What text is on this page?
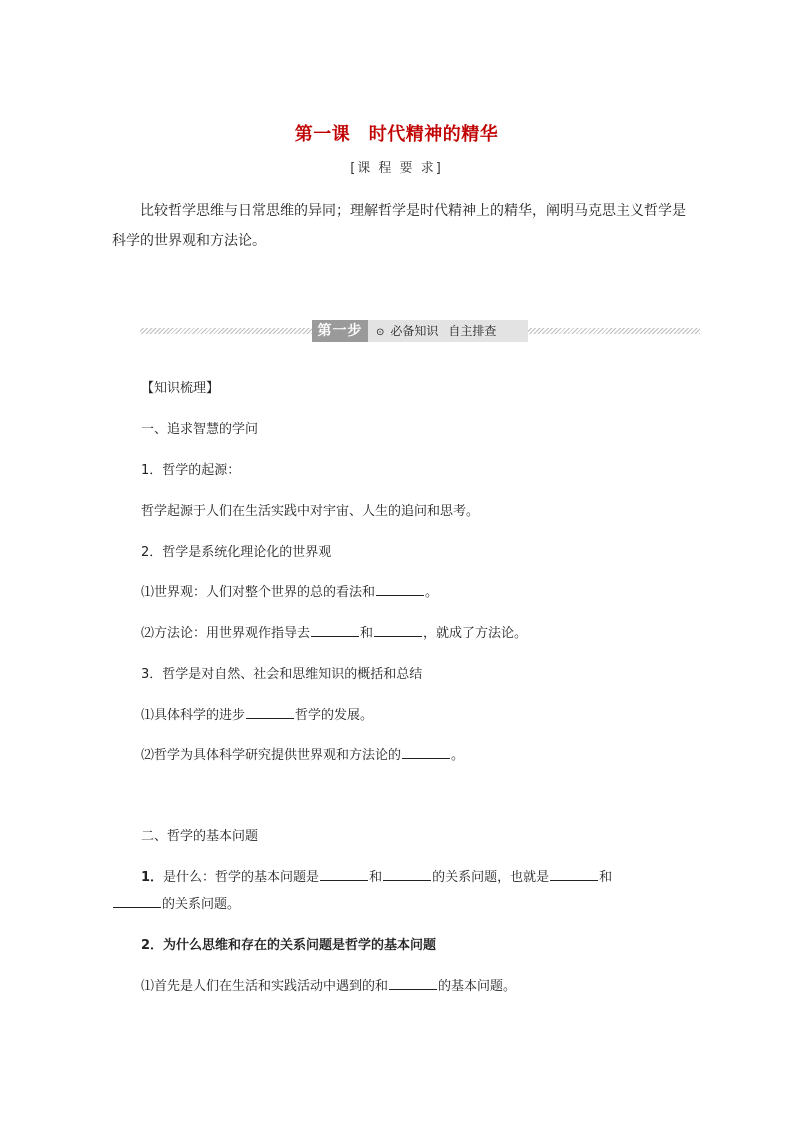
第一课　时代精神的精华
[课 程 要 求]
比较哲学思维与日常思维的异同；理解哲学是时代精神上的精华，阐明马克思主义哲学是科学的世界观和方法论。
第一步	⊙ 必备知识 自主排查
【知识梳理】
一、追求智慧的学问
1．哲学的起源：
哲学起源于人们在生活实践中对宇宙、人生的追问和思考。
2．哲学是系统化理论化的世界观
⑴世界观：人们对整个世界的总的看法和	。
⑵方法论：用世界观作指导去	和	，就成了方法论。
3．哲学是对自然、社会和思维知识的概括和总结
⑴具体科学的进步	哲学的发展。
⑵哲学为具体科学研究提供世界观和方法论的	。
二、哲学的基本问题
1．是什么：哲学的基本问题是	和	的关系问题，也就是	和
的关系问题。
2．为什么思维和存在的关系问题是哲学的基本问题
⑴首先是人们在生活和实践活动中遇到的和	的基本问题。
